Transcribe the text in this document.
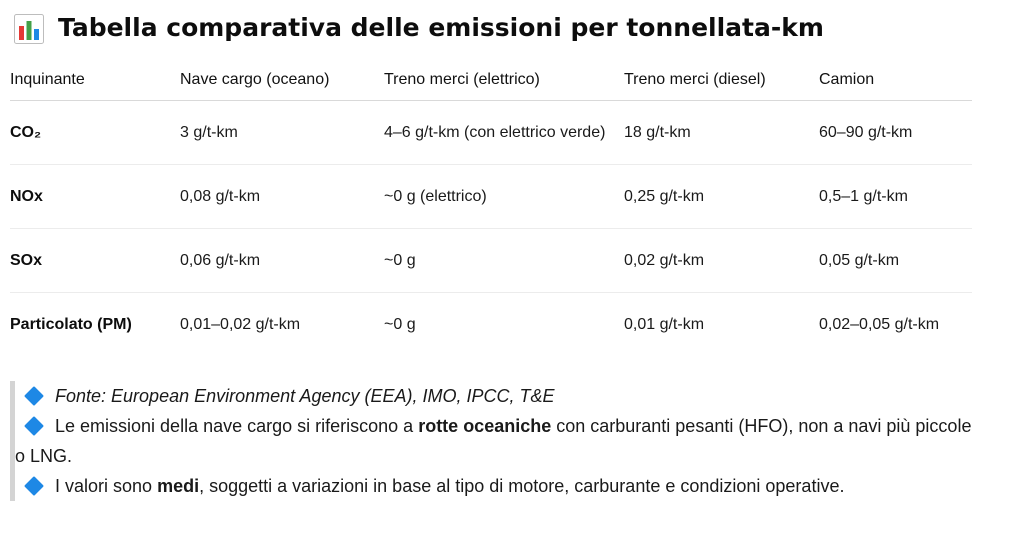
Tabella comparativa delle emissioni per tonnellata-km
Inquinante	Nave cargo (oceano)	Treno merci (elettrico)	Treno merci (diesel)	Camion
CO₂	3 g/t-km	4–6 g/t-km (con elettrico verde)	18 g/t-km	60–90 g/t-km
NOx	0,08 g/t-km	~0 g (elettrico)	0,25 g/t-km	0,5–1 g/t-km
SOx	0,06 g/t-km	~0 g	0,02 g/t-km	0,05 g/t-km
Particolato (PM)	0,01–0,02 g/t-km	~0 g	0,01 g/t-km	0,02–0,05 g/t-km
Fonte: European Environment Agency (EEA), IMO, IPCC, T&E
Le emissioni della nave cargo si riferiscono a rotte oceaniche con carburanti pesanti (HFO), non a navi più piccole o LNG.
I valori sono medi, soggetti a variazioni in base al tipo di motore, carburante e condizioni operative.
